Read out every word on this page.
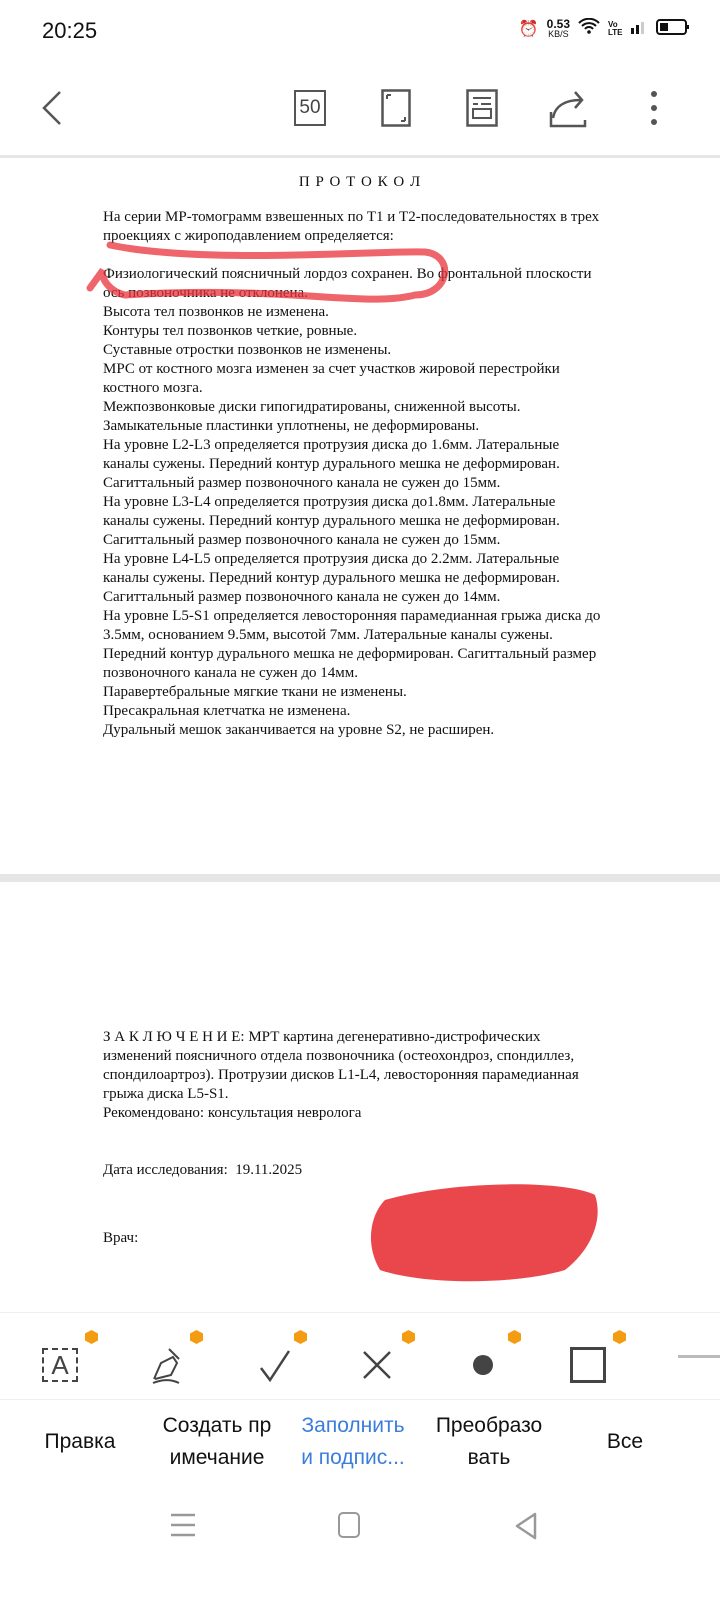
20:25	⏰ 0.53
KB/S
Vo LTE
50
П Р О Т О К О Л
На серии МР-томограмм взвешенных по Т1 и Т2-последовательностях в трех
проекциях с жироподавлением определяется:
Физиологический поясничный лордоз сохранен. Во фронтальной плоскости
ось позвоночника не отклонена.
Высота тел позвонков не изменена.
Контуры тел позвонков четкие, ровные.
Суставные отростки позвонков не изменены.
МРС от костного мозга изменен за счет участков жировой перестройки
костного мозга.
Межпозвонковые диски гипогидратированы, сниженной высоты.
Замыкательные пластинки уплотнены, не деформированы.
На уровне L2-L3 определяется протрузия диска до 1.6мм. Латеральные
каналы сужены. Передний контур дурального мешка не деформирован.
Сагиттальный размер позвоночного канала не сужен до 15мм.
На уровне L3-L4 определяется протрузия диска до1.8мм. Латеральные
каналы сужены. Передний контур дурального мешка не деформирован.
Сагиттальный размер позвоночного канала не сужен до 15мм.
На уровне L4-L5 определяется протрузия диска до 2.2мм. Латеральные
каналы сужены. Передний контур дурального мешка не деформирован.
Сагиттальный размер позвоночного канала не сужен до 14мм.
На уровне L5-S1 определяется левосторонняя парамедианная грыжа диска до
3.5мм, основанием 9.5мм, высотой 7мм. Латеральные каналы сужены.
Передний контур дурального мешка не деформирован. Сагиттальный размер
позвоночного канала не сужен до 14мм.
Паравертебральные мягкие ткани не изменены.
Пресакральная клетчатка не изменена.
Дуральный мешок заканчивается на уровне S2, не расширен.
З А К Л Ю Ч Е Н И Е: МРТ картина дегенеративно-дистрофических
изменений поясничного отдела позвоночника (остеохондроз, спондиллез,
спондилоартроз). Протрузии дисков L1-L4, левосторонняя парамедианная
грыжа диска L5-S1.
Рекомендовано: консультация невролога
Дата исследования:  19.11.2025
Врач:
A
Правка
Создать пр
имечание
Заполнить
и подпис...
Преобразо
вать
Все
